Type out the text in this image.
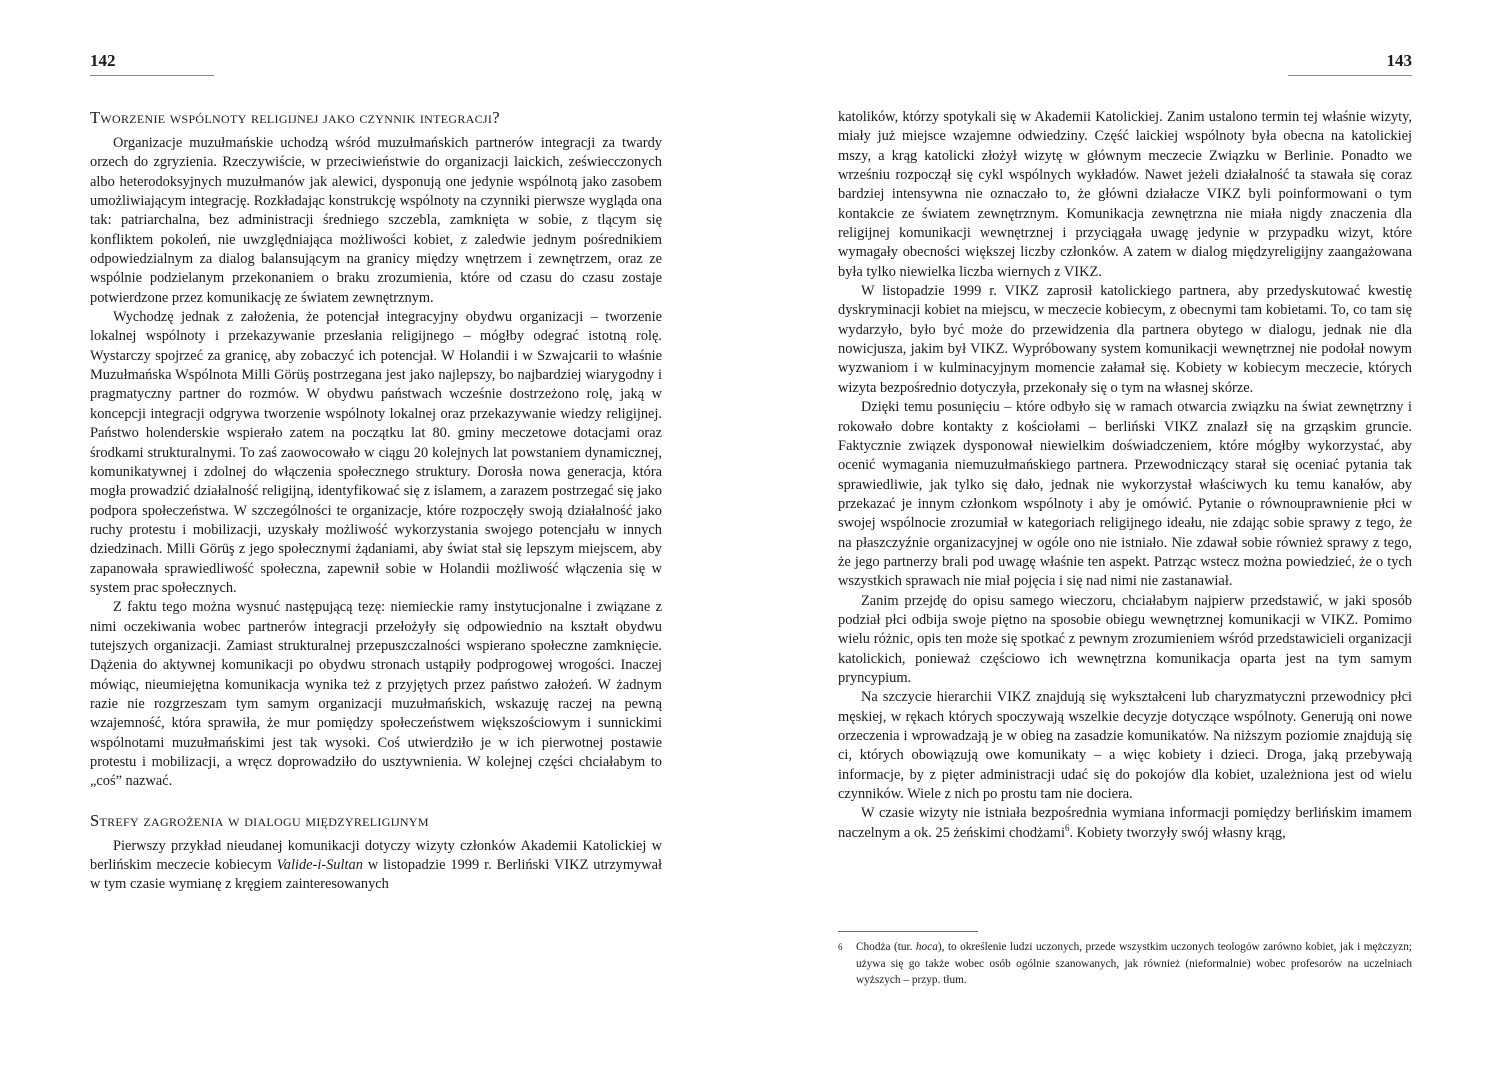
142
Tworzenie wspólnoty religijnej jako czynnik integracji?

Organizacje muzułmańskie uchodzą wśród muzułmańskich partnerów integracji za twardy orzech do zgryzienia. Rzeczywiście, w przeciwieństwie do organizacji laickich, zeświecczonych albo heterodoksyjnych muzułmanów jak alewici, dysponują one jedynie wspólnotą jako zasobem umożliwiającym integrację. Rozkładając konstrukcję wspólnoty na czynniki pierwsze wygląda ona tak: patriarchalna, bez administracji średniego szczebla, zamknięta w sobie, z tlącym się konfliktem pokoleń, nie uwzględniająca możliwości kobiet, z zaledwie jednym pośrednikiem odpowiedzialnym za dialog balansującym na granicy między wnętrzem i zewnętrzem, oraz ze wspólnie podzielanym przekonaniem o braku zrozumienia, które od czasu do czasu zostaje potwierdzone przez komunikację ze światem zewnętrznym.

Wychodzę jednak z założenia, że potencjał integracyjny obydwu organizacji – tworzenie lokalnej wspólnoty i przekazywanie przesłania religijnego – mógłby odegrać istotną rolę. Wystarczy spojrzeć za granicę, aby zobaczyć ich potencjał. W Holandii i w Szwajcarii to właśnie Muzułmańska Wspólnota Milli Görüş postrzegana jest jako najlepszy, bo najbardziej wiarygodny i pragmatyczny partner do rozmów. W obydwu państwach wcześnie dostrzeżono rolę, jaką w koncepcji integracji odgrywa tworzenie wspólnoty lokalnej oraz przekazywanie wiedzy religijnej. Państwo holenderskie wspierało zatem na początku lat 80. gminy meczetowe dotacjami oraz środkami strukturalnymi. To zaś zaowocowało w ciągu 20 kolejnych lat powstaniem dynamicznej, komunikatywnej i zdolnej do włączenia społecznego struktury. Dorosła nowa generacja, która mogła prowadzić działalność religijną, identyfikować się z islamem, a zarazem postrzegać się jako podpora społeczeństwa. W szczególności te organizacje, które rozpoczęły swoją działalność jako ruchy protestu i mobilizacji, uzyskały możliwość wykorzystania swojego potencjału w innych dziedzinach. Milli Görüş z jego społecznymi żądaniami, aby świat stał się lepszym miejscem, aby zapanowała sprawiedliwość społeczna, zapewnił sobie w Holandii możliwość włączenia się w system prac społecznych.

Z faktu tego można wysnuć następującą tezę: niemieckie ramy instytucjonalne i związane z nimi oczekiwania wobec partnerów integracji przełożyły się odpowiednio na kształt obydwu tutejszych organizacji. Zamiast strukturalnej przepuszczalności wspierano społeczne zamknięcie. Dążenia do aktywnej komunikacji po obydwu stronach ustąpiły podprogowej wrogości. Inaczej mówiąc, nieumiejętna komunikacja wynika też z przyjętych przez państwo założeń. W żadnym razie nie rozgrzeszam tym samym organizacji muzułmańskich, wskazuję raczej na pewną wzajemność, która sprawiła, że mur pomiędzy społeczeństwem większościowym i sunnickimi wspólnotami muzułmańskimi jest tak wysoki. Coś utwierdziło je w ich pierwotnej postawie protestu i mobilizacji, a wręcz doprowadziło do usztywnienia. W kolejnej części chciałabym to „coś” nazwać.

Strefy zagrożenia w dialogu międzyreligijnym

Pierwszy przykład nieudanej komunikacji dotyczy wizyty członków Akademii Katolickiej w berlińskim meczecie kobiecym Valide-i-Sultan w listopadzie 1999 r. Berliński VIKZ utrzymywał w tym czasie wymianę z kręgiem zainteresowanych

143

katolików, którzy spotykali się w Akademii Katolickiej. Zanim ustalono termin tej właśnie wizyty, miały już miejsce wzajemne odwiedziny. Część laickiej wspólnoty była obecna na katolickiej mszy, a krąg katolicki złożył wizytę w głównym meczecie Związku w Berlinie. Ponadto we wrześniu rozpoczął się cykl wspólnych wykładów. Nawet jeżeli działalność ta stawała się coraz bardziej intensywna nie oznaczało to, że główni działacze VIKZ byli poinformowani o tym kontakcie ze światem zewnętrznym. Komunikacja zewnętrzna nie miała nigdy znaczenia dla religijnej komunikacji wewnętrznej i przyciągała uwagę jedynie w przypadku wizyt, które wymagały obecności większej liczby członków. A zatem w dialog międzyreligijny zaangażowana była tylko niewielka liczba wiernych z VIKZ.

W listopadzie 1999 r. VIKZ zaprosił katolickiego partnera, aby przedyskutować kwestię dyskryminacji kobiet na miejscu, w meczecie kobiecym, z obecnymi tam kobietami. To, co tam się wydarzyło, było być może do przewidzenia dla partnera obytego w dialogu, jednak nie dla nowicjusza, jakim był VIKZ. Wypróbowany system komunikacji wewnętrznej nie podołał nowym wyzwaniom i w kulminacyjnym momencie załamał się. Kobiety w kobiecym meczecie, których wizyta bezpośrednio dotyczyła, przekonały się o tym na własnej skórze.

Dzięki temu posunięciu – które odbyło się w ramach otwarcia związku na świat zewnętrzny i rokowało dobre kontakty z kościołami – berliński VIKZ znalazł się na grząskim gruncie. Faktycznie związek dysponował niewielkim doświadczeniem, które mógłby wykorzystać, aby ocenić wymagania niemuzułmańskiego partnera. Przewodniczący starał się oceniać pytania tak sprawiedliwie, jak tylko się dało, jednak nie wykorzystał właściwych ku temu kanałów, aby przekazać je innym członkom wspólnoty i aby je omówić. Pytanie o równouprawnienie płci w swojej wspólnocie zrozumiał w kategoriach religijnego ideału, nie zdając sobie sprawy z tego, że na płaszczyźnie organizacyjnej w ogóle ono nie istniało. Nie zdawał sobie również sprawy z tego, że jego partnerzy brali pod uwagę właśnie ten aspekt. Patrząc wstecz można powiedzieć, że o tych wszystkich sprawach nie miał pojęcia i się nad nimi nie zastanawiał.

Zanim przejdę do opisu samego wieczoru, chciałabym najpierw przedstawić, w jaki sposób podział płci odbija swoje piętno na sposobie obiegu wewnętrznej komunikacji w VIKZ. Pomimo wielu różnic, opis ten może się spotkać z pewnym zrozumieniem wśród przedstawicieli organizacji katolickich, ponieważ częściowo ich wewnętrzna komunikacja oparta jest na tym samym pryncypium.

Na szczycie hierarchii VIKZ znajdują się wykształceni lub charyzmatyczni przewodnicy płci męskiej, w rękach których spoczywają wszelkie decyzje dotyczące wspólnoty. Generują oni nowe orzeczenia i wprowadzają je w obieg na zasadzie komunikatów. Na niższym poziomie znajdują się ci, których obowiązują owe komunikaty – a więc kobiety i dzieci. Droga, jaką przebywają informacje, by z pięter administracji udać się do pokojów dla kobiet, uzależniona jest od wielu czynników. Wiele z nich po prostu tam nie dociera.

W czasie wizyty nie istniała bezpośrednia wymiana informacji pomiędzy berlińskim imamem naczelnym a ok. 25 żeńskimi chodżami$^6$. Kobiety tworzyły swój własny krąg,

6 Chodża (tur. hoca), to określenie ludzi uczonych, przede wszystkim uczonych teologów zarówno kobiet, jak i mężczyzn; używa się go także wobec osób ogólnie szanowanych, jak również (nieformalnie) wobec profesorów na uczelniach wyższych – przyp. tłum.
